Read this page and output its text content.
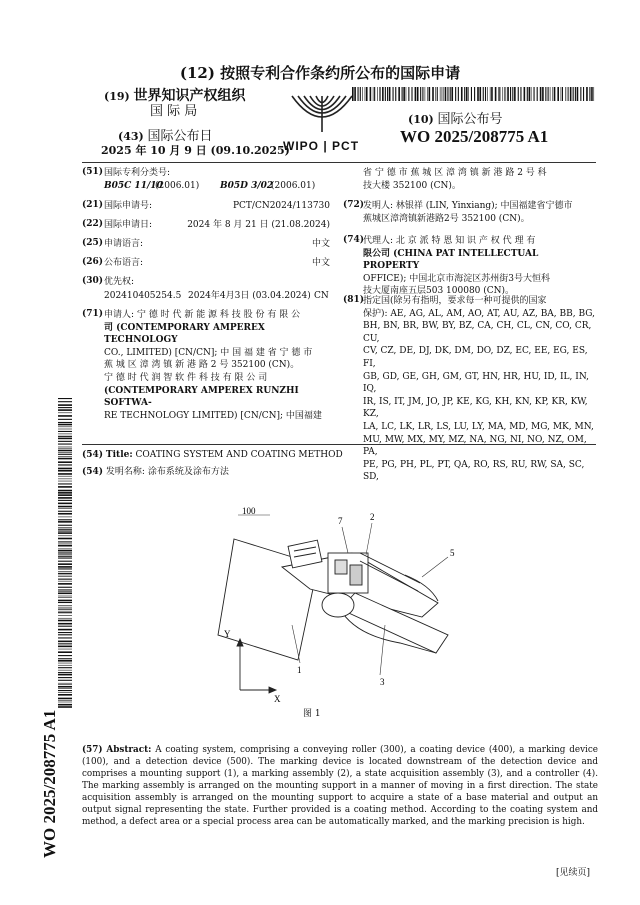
(12) 按照专利合作条约所公布的国际申请
(19) 世界知识产权组织
国 际 局
(43) 国际公布日
2025 年 10 月 9 日 (09.10.2025)
WIPO | PCT
(10) 国际公布号
WO 2025/208775 A1
(51) 国际专利分类号:
B05C 11/10
(2006.01) B05D 3/02
(2006.01)
(21) 国际申请号:	PCT/CN2024/113730
(22) 国际申请日:	2024 年 8 月 21 日 (21.08.2024)
(25) 申请语言:	中文
(26) 公布语言:	中文
(30) 优先权:
202410405254.5 2024年4月3日 (03.04.2024) CN
(71) 申请人: 宁 德 时 代 新 能 源 科 技 股 份 有 限 公
司 (CONTEMPORARY AMPEREX TECHNOLOGY
CO., LIMITED) [CN/CN]; 中 国 福 建 省 宁 德 市
蕉 城 区 漳 湾 镇 新 港 路 2 号 352100 (CN)。
宁 德 时 代 润 智 软 件 科 技 有 限 公 司
(CONTEMPORARY AMPEREX RUNZHI SOFTWA-
RE TECHNOLOGY LIMITED) [CN/CN]; 中国福建
省 宁 德 市 蕉 城 区 漳 湾 镇 新 港 路 2 号 科
技大楼 352100 (CN)。
(72)
发明人: 林银祥 (LIN, Yinxiang); 中国福建省宁德市
蕉城区漳湾镇新港路2号 352100 (CN)。
(74)
代理人: 北 京 派 特 恩 知 识 产 权 代 理 有
限公司 (CHINA PAT INTELLECTUAL PROPERTY
OFFICE); 中国北京市海淀区苏州街3号大恒科
技大厦南座五层503 100080 (CN)。
(81)
指定国(除另有指明，要求每一种可提供的国家
保护): AE, AG, AL, AM, AO, AT, AU, AZ, BA, BB, BG,
BH, BN, BR, BW, BY, BZ, CA, CH, CL, CN, CO, CR, CU,
CV, CZ, DE, DJ, DK, DM, DO, DZ, EC, EE, EG, ES, FI,
GB, GD, GE, GH, GM, GT, HN, HR, HU, ID, IL, IN, IQ,
IR, IS, IT, JM, JO, JP, KE, KG, KH, KN, KP, KR, KW, KZ,
LA, LC, LK, LR, LS, LU, LY, MA, MD, MG, MK, MN,
MU, MW, MX, MY, MZ, NA, NG, NI, NO, NZ, OM, PA,
PE, PG, PH, PL, PT, QA, RO, RS, RU, RW, SA, SC, SD,
(54) Title: COATING SYSTEM AND COATING METHOD
(54) 发明名称: 涂布系统及涂布方法
100
7	2
5
1
3
Y
X
图 1
(57) Abstract: A coating system, comprising a conveying roller (300), a coating device (400), a marking device (100), and a detection device (500). The marking device is located downstream of the detection device and comprises a mounting support (1), a marking assembly (2), a state acquisition assembly (3), and a controller (4). The marking assembly is arranged on the mounting support in a manner of moving in a first direction. The state acquisition assembly is arranged on the mounting support to acquire a state of a base material and output an output signal representing the state. Further provided is a coating method. According to the coating system and method, a defect area or a special process area can be automatically marked, and the marking precision is high.
WO 2025/208775 A1
[见续页]
